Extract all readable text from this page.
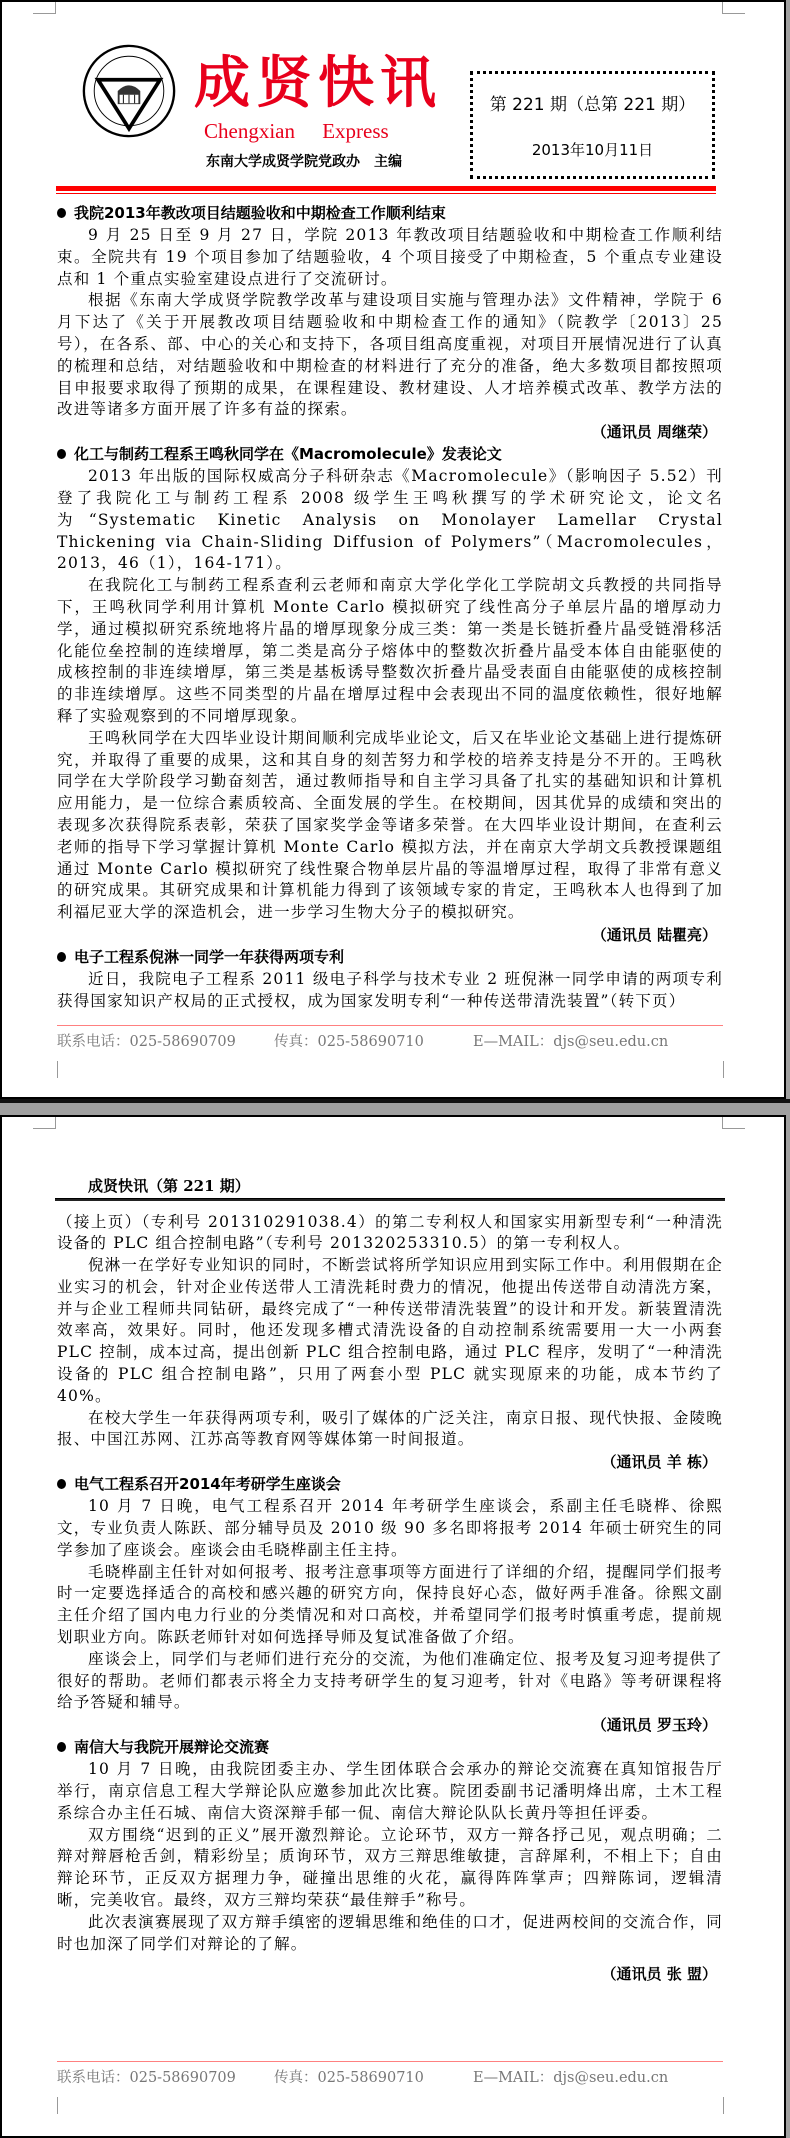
成贤快讯
Chengxian Express
东南大学成贤学院党政办　主编
第 221 期（总第 221 期）
2013年10月11日
我院2013年教改项目结题验收和中期检查工作顺利结束

9 月 25 日至 9 月 27 日，学院 2013 年教改项目结题验收和中期检查工作顺利结束。全院共有 19 个项目参加了结题验收，4 个项目接受了中期检查，5 个重点专业建设点和 1 个重点实验室建设点进行了交流研讨。

根据《东南大学成贤学院教学改革与建设项目实施与管理办法》文件精神，学院于 6 月下达了《关于开展教改项目结题验收和中期检查工作的通知》（院教学〔2013〕25 号），在各系、部、中心的关心和支持下，各项目组高度重视，对项目开展情况进行了认真的梳理和总结，对结题验收和中期检查的材料进行了充分的准备，绝大多数项目都按照项目申报要求取得了预期的成果，在课程建设、教材建设、人才培养模式改革、教学方法的改进等诸多方面开展了许多有益的探索。

（通讯员 周继荣）
化工与制药工程系王鸣秋同学在《Macromolecule》发表论文

2013 年出版的国际权威高分子科研杂志《Macromolecule》（影响因子 5.52）刊登了我院化工与制药工程系 2008 级学生王鸣秋撰写的学术研究论文，论文名为“Systematic Kinetic Analysis on Monolayer Lamellar Crystal Thickening via Chain-Sliding Diffusion of Polymers”（Macromolecules，2013，46（1），164-171）。

在我院化工与制药工程系查利云老师和南京大学化学化工学院胡文兵教授的共同指导下，王鸣秋同学利用计算机 Monte Carlo 模拟研究了线性高分子单层片晶的增厚动力学，通过模拟研究系统地将片晶的增厚现象分成三类：第一类是长链折叠片晶受链滑移活化能位垒控制的连续增厚，第二类是高分子熔体中的整数次折叠片晶受本体自由能驱使的成核控制的非连续增厚，第三类是基板诱导整数次折叠片晶受表面自由能驱使的成核控制的非连续增厚。这些不同类型的片晶在增厚过程中会表现出不同的温度依赖性，很好地解释了实验观察到的不同增厚现象。

王鸣秋同学在大四毕业设计期间顺利完成毕业论文，后又在毕业论文基础上进行提炼研究，并取得了重要的成果，这和其自身的刻苦努力和学校的培养支持是分不开的。王鸣秋同学在大学阶段学习勤奋刻苦，通过教师指导和自主学习具备了扎实的基础知识和计算机应用能力，是一位综合素质较高、全面发展的学生。在校期间，因其优异的成绩和突出的表现多次获得院系表彰，荣获了国家奖学金等诸多荣誉。在大四毕业设计期间，在查利云老师的指导下学习掌握计算机 Monte Carlo 模拟方法，并在南京大学胡文兵教授课题组通过 Monte Carlo 模拟研究了线性聚合物单层片晶的等温增厚过程，取得了非常有意义的研究成果。其研究成果和计算机能力得到了该领域专家的肯定，王鸣秋本人也得到了加利福尼亚大学的深造机会，进一步学习生物大分子的模拟研究。

（通讯员 陆瞿亮）
电子工程系倪淋一同学一年获得两项专利

近日，我院电子工程系 2011 级电子科学与技术专业 2 班倪淋一同学申请的两项专利获得国家知识产权局的正式授权，成为国家发明专利“一种传送带清洗装置”（转下页）

联系电话：025-58690709	传真：025-58690710	E—MAIL：djs@seu.edu.cn
成贤快讯（第 221 期）

（接上页）（专利号 201310291038.4）的第二专利权人和国家实用新型专利“一种清洗设备的 PLC 组合控制电路”（专利号 201320253310.5）的第一专利权人。

倪淋一在学好专业知识的同时，不断尝试将所学知识应用到实际工作中。利用假期在企业实习的机会，针对企业传送带人工清洗耗时费力的情况，他提出传送带自动清洗方案，并与企业工程师共同钻研，最终完成了“一种传送带清洗装置”的设计和开发。新装置清洗效率高，效果好。同时，他还发现多槽式清洗设备的自动控制系统需要用一大一小两套 PLC 控制，成本过高，提出创新 PLC 组合控制电路，通过 PLC 程序，发明了“一种清洗设备的 PLC 组合控制电路”，只用了两套小型 PLC 就实现原来的功能，成本节约了 40%。

在校大学生一年获得两项专利，吸引了媒体的广泛关注，南京日报、现代快报、金陵晚报、中国江苏网、江苏高等教育网等媒体第一时间报道。

（通讯员 羊 栋）
电气工程系召开2014年考研学生座谈会

10 月 7 日晚，电气工程系召开 2014 年考研学生座谈会，系副主任毛晓桦、徐熙文，专业负责人陈跃、部分辅导员及 2010 级 90 多名即将报考 2014 年硕士研究生的同学参加了座谈会。座谈会由毛晓桦副主任主持。

毛晓桦副主任针对如何报考、报考注意事项等方面进行了详细的介绍，提醒同学们报考时一定要选择适合的高校和感兴趣的研究方向，保持良好心态，做好两手准备。徐熙文副主任介绍了国内电力行业的分类情况和对口高校，并希望同学们报考时慎重考虑，提前规划职业方向。陈跃老师针对如何选择导师及复试准备做了介绍。

座谈会上，同学们与老师们进行充分的交流，为他们准确定位、报考及复习迎考提供了很好的帮助。老师们都表示将全力支持考研学生的复习迎考，针对《电路》等考研课程将给予答疑和辅导。

（通讯员 罗玉玲）
南信大与我院开展辩论交流赛

10 月 7 日晚，由我院团委主办、学生团体联合会承办的辩论交流赛在真知馆报告厅举行，南京信息工程大学辩论队应邀参加此次比赛。院团委副书记潘明烽出席，土木工程系综合办主任石城、南信大资深辩手郁一侃、南信大辩论队队长黄丹等担任评委。

双方围绕“迟到的正义”展开激烈辩论。立论环节，双方一辩各抒己见，观点明确；二辩对辩唇枪舌剑，精彩纷呈；质询环节，双方三辩思维敏捷，言辞犀利，不相上下；自由辩论环节，正反双方据理力争，碰撞出思维的火花，赢得阵阵掌声；四辩陈词，逻辑清晰，完美收官。最终，双方三辩均荣获“最佳辩手”称号。

此次表演赛展现了双方辩手缜密的逻辑思维和绝佳的口才，促进两校间的交流合作，同时也加深了同学们对辩论的了解。

（通讯员 张 盟）
联系电话：025-58690709	传真：025-58690710	E—MAIL：djs@seu.edu.cn
